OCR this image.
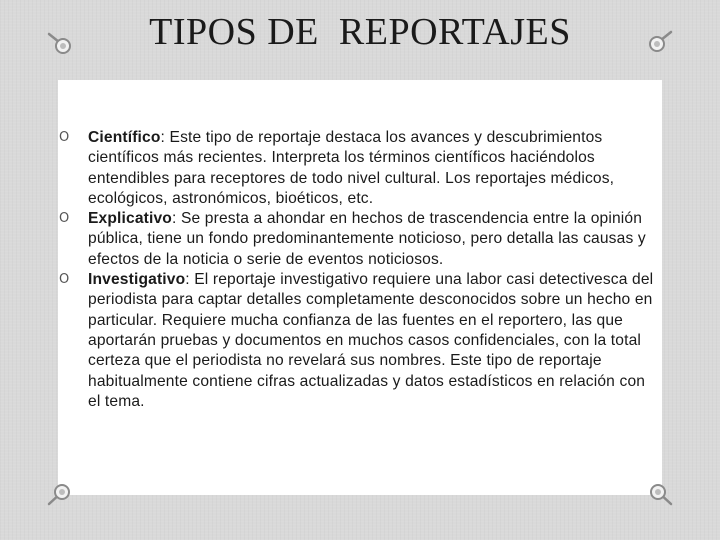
TIPOS DE  REPORTAJES
O Científico: Este tipo de reportaje destaca los avances y descubrimientos científicos más recientes. Interpreta los términos científicos haciéndolos entendibles para receptores de todo nivel cultural. Los reportajes médicos, ecológicos, astronómicos, bioéticos, etc.
O Explicativo: Se presta a ahondar en hechos de trascendencia entre la opinión pública, tiene un fondo predominantemente noticioso, pero detalla las causas y efectos de la noticia o serie de eventos noticiosos.
O Investigativo: El reportaje investigativo requiere una labor casi detectivesca del periodista para captar detalles completamente desconocidos sobre un hecho en particular. Requiere mucha confianza de las fuentes en el reportero, las que aportarán pruebas y documentos en muchos casos confidenciales, con la total certeza que el periodista no revelará sus nombres. Este tipo de reportaje habitualmente contiene cifras actualizadas y datos estadísticos en relación con el tema.
